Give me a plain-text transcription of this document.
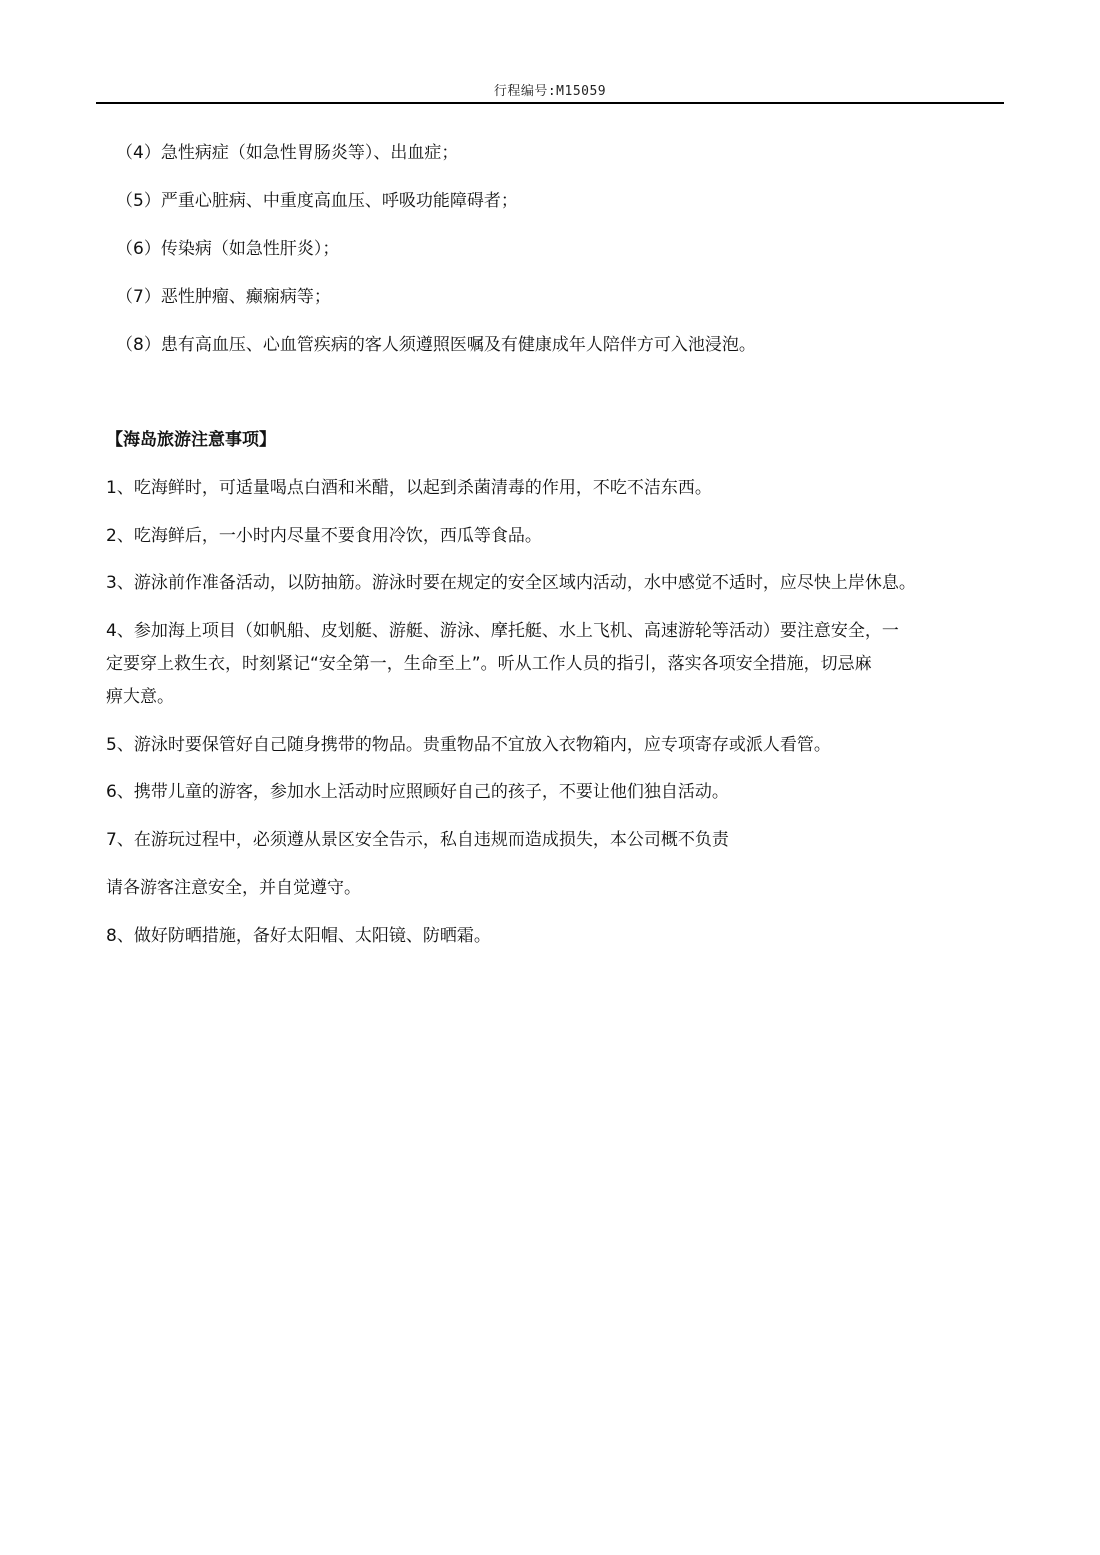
行程编号:M15059
（4）急性病症（如急性胃肠炎等）、出血症；
（5）严重心脏病、中重度高血压、呼吸功能障碍者；
（6）传染病（如急性肝炎）；
（7）恶性肿瘤、癫痫病等；
（8）患有高血压、心血管疾病的客人须遵照医嘱及有健康成年人陪伴方可入池浸泡。
【海岛旅游注意事项】
1、吃海鲜时，可适量喝点白酒和米醋，以起到杀菌清毒的作用，不吃不洁东西。
2、吃海鲜后，一小时内尽量不要食用冷饮，西瓜等食品。
3、游泳前作准备活动，以防抽筋。游泳时要在规定的安全区域内活动，水中感觉不适时，应尽快上岸休息。
4、参加海上项目（如帆船、皮划艇、游艇、游泳、摩托艇、水上飞机、高速游轮等活动）要注意安全，一
定要穿上救生衣，时刻紧记“安全第一，生命至上”。听从工作人员的指引，落实各项安全措施，切忌麻
痹大意。
5、游泳时要保管好自己随身携带的物品。贵重物品不宜放入衣物箱内，应专项寄存或派人看管。
6、携带儿童的游客，参加水上活动时应照顾好自己的孩子，不要让他们独自活动。
7、在游玩过程中，必须遵从景区安全告示，私自违规而造成损失，本公司概不负责
请各游客注意安全，并自觉遵守。
8、做好防晒措施，备好太阳帽、太阳镜、防晒霜。
